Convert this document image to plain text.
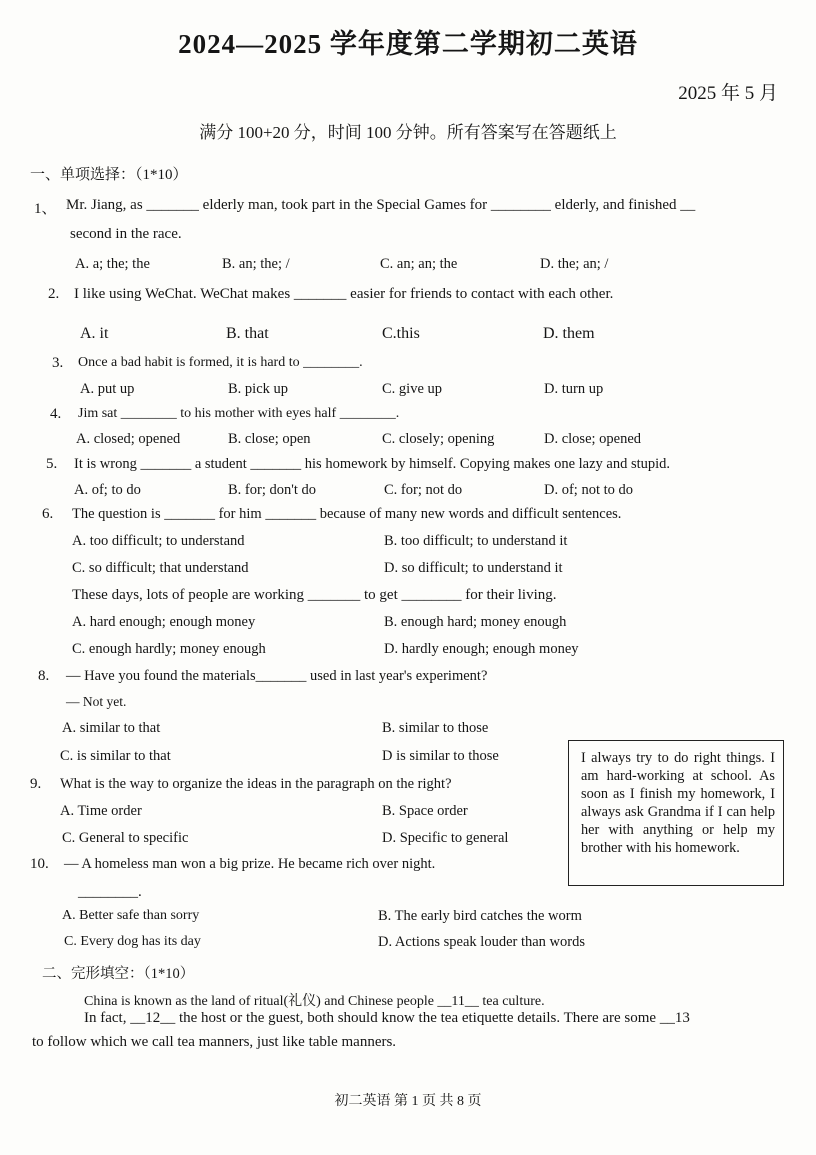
2024—2025 学年度第二学期初二英语
2025 年 5 月
满分 100+20 分，时间 100 分钟。所有答案写在答题纸上
一、单项选择：（1*10）
1、 Mr. Jiang, as _______ elderly man, took part in the Special Games for ________ elderly, and finished __
second in the race.
A. a; the; the	B. an; the; /	C. an; an; the	D. the; an; /
2. I like using WeChat. WeChat makes _______ easier for friends to contact with each other.
A. it	B. that	C.this	D. them
3. Once a bad habit is formed, it is hard to ________.
A. put up	B. pick up	C. give up	D. turn up
4. Jim sat ________ to his mother with eyes half ________.
A. closed; opened	B. close; open	C. closely; opening	D. close; opened
5. It is wrong _______ a student _______ his homework by himself. Copying makes one lazy and stupid.
A. of; to do	B. for; don't do	C. for; not do	D. of; not to do
6. The question is _______ for him _______ because of many new words and difficult sentences.
A. too difficult; to understand	B. too difficult; to understand it
C. so difficult; that understand	D. so difficult; to understand it
These days, lots of people are working _______ to get ________ for their living.
A. hard enough; enough money	B. enough hard; money enough
C. enough hardly; money enough	D. hardly enough; enough money
8. — Have you found the materials_______ used in last year's experiment?
— Not yet.
A. similar to that	B. similar to those
C. is similar to that	D is similar to those
9. What is the way to organize the ideas in the paragraph on the right?
A. Time order	B. Space order
C. General to specific	D. Specific to general
I always try to do right things. I am hard-working at school. As soon as I finish my homework, I always ask Grandma if I can help her with anything or help my brother with his homework.
10. — A homeless man won a big prize. He became rich over night.
________.
A. Better safe than sorry	B. The early bird catches the worm
C. Every dog has its day	D. Actions speak louder than words
二、完形填空：（1*10）
China is known as the land of ritual(礼仪) and Chinese people __11__ tea culture.
In fact, __12__ the host or the guest, both should know the tea etiquette details. There are some __13
to follow which we call tea manners, just like table manners.
初二英语 第 1 页 共 8 页
